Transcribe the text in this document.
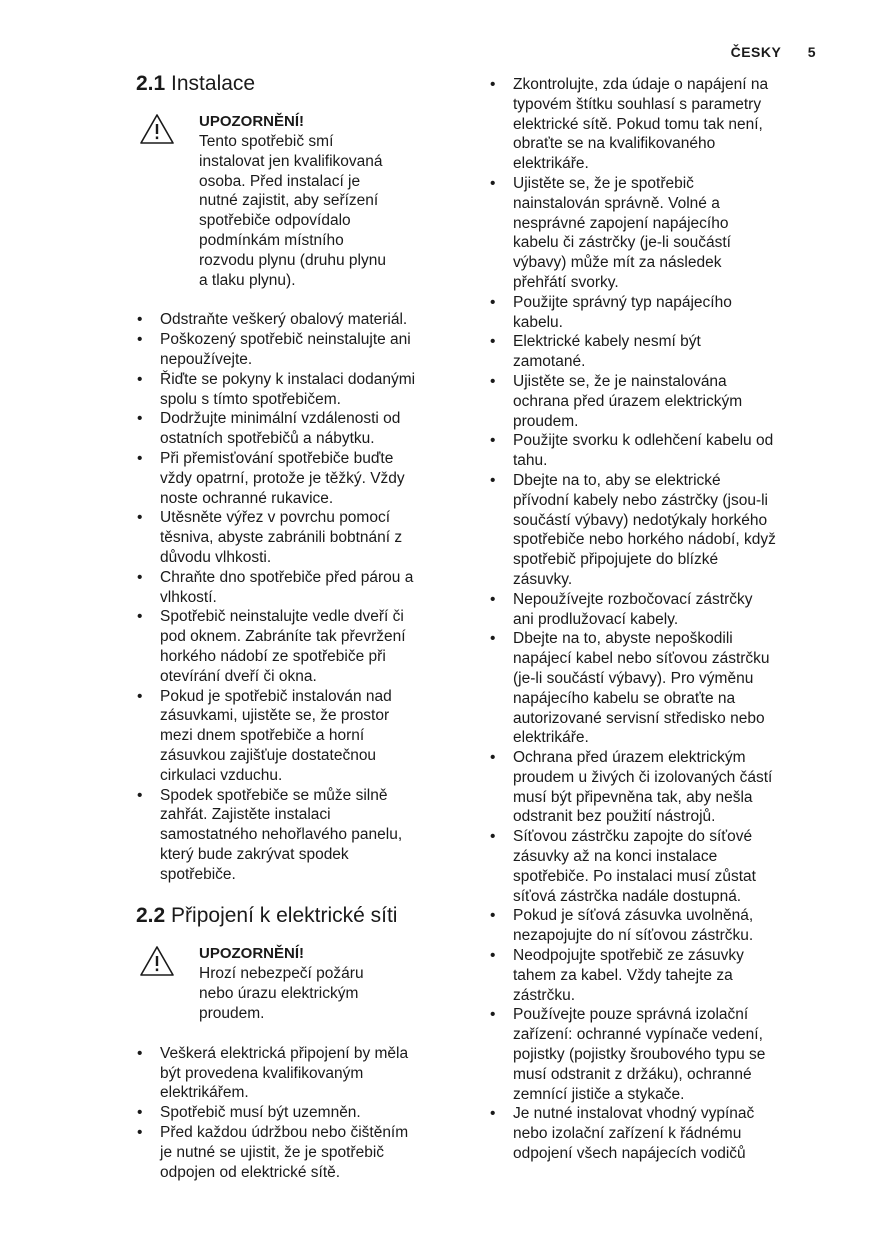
ČESKY 5
2.1 Instalace
UPOZORNĚNÍ!
Tento spotřebič smí
instalovat jen kvalifikovaná
osoba. Před instalací je
nutné zajistit, aby seřízení
spotřebiče odpovídalo
podmínkám místního
rozvodu plynu (druhu plynu
a tlaku plynu).
• Odstraňte veškerý obalový materiál.
• Poškozený spotřebič neinstalujte ani
nepoužívejte.
• Řiďte se pokyny k instalaci dodanými
spolu s tímto spotřebičem.
• Dodržujte minimální vzdálenosti od
ostatních spotřebičů a nábytku.
• Při přemisťování spotřebiče buďte
vždy opatrní, protože je těžký. Vždy
noste ochranné rukavice.
• Utěsněte výřez v povrchu pomocí
těsniva, abyste zabránili bobtnání z
důvodu vlhkosti.
• Chraňte dno spotřebiče před párou a
vlhkostí.
• Spotřebič neinstalujte vedle dveří či
pod oknem. Zabráníte tak převržení
horkého nádobí ze spotřebiče při
otevírání dveří či okna.
• Pokud je spotřebič instalován nad
zásuvkami, ujistěte se, že prostor
mezi dnem spotřebiče a horní
zásuvkou zajišťuje dostatečnou
cirkulaci vzduchu.
• Spodek spotřebiče se může silně
zahřát. Zajistěte instalaci
samostatného nehořlavého panelu,
který bude zakrývat spodek
spotřebiče.
2.2 Připojení k elektrické síti
UPOZORNĚNÍ!
Hrozí nebezpečí požáru
nebo úrazu elektrickým
proudem.
• Veškerá elektrická připojení by měla
být provedena kvalifikovaným
elektrikářem.
• Spotřebič musí být uzemněn.
• Před každou údržbou nebo čištěním
je nutné se ujistit, že je spotřebič
odpojen od elektrické sítě.
• Zkontrolujte, zda údaje o napájení na
typovém štítku souhlasí s parametry
elektrické sítě. Pokud tomu tak není,
obraťte se na kvalifikovaného
elektrikáře.
• Ujistěte se, že je spotřebič
nainstalován správně. Volné a
nesprávné zapojení napájecího
kabelu či zástrčky (je-li součástí
výbavy) může mít za následek
přehřátí svorky.
• Použijte správný typ napájecího
kabelu.
• Elektrické kabely nesmí být
zamotané.
• Ujistěte se, že je nainstalována
ochrana před úrazem elektrickým
proudem.
• Použijte svorku k odlehčení kabelu od
tahu.
• Dbejte na to, aby se elektrické
přívodní kabely nebo zástrčky (jsou-li
součástí výbavy) nedotýkaly horkého
spotřebiče nebo horkého nádobí, když
spotřebič připojujete do blízké
zásuvky.
• Nepoužívejte rozbočovací zástrčky
ani prodlužovací kabely.
• Dbejte na to, abyste nepoškodili
napájecí kabel nebo síťovou zástrčku
(je-li součástí výbavy). Pro výměnu
napájecího kabelu se obraťte na
autorizované servisní středisko nebo
elektrikáře.
• Ochrana před úrazem elektrickým
proudem u živých či izolovaných částí
musí být připevněna tak, aby nešla
odstranit bez použití nástrojů.
• Síťovou zástrčku zapojte do síťové
zásuvky až na konci instalace
spotřebiče. Po instalaci musí zůstat
síťová zástrčka nadále dostupná.
• Pokud je síťová zásuvka uvolněná,
nezapojujte do ní síťovou zástrčku.
• Neodpojujte spotřebič ze zásuvky
tahem za kabel. Vždy tahejte za
zástrčku.
• Používejte pouze správná izolační
zařízení: ochranné vypínače vedení,
pojistky (pojistky šroubového typu se
musí odstranit z držáku), ochranné
zemnící jističe a stykače.
• Je nutné instalovat vhodný vypínač
nebo izolační zařízení k řádnému
odpojení všech napájecích vodičů
